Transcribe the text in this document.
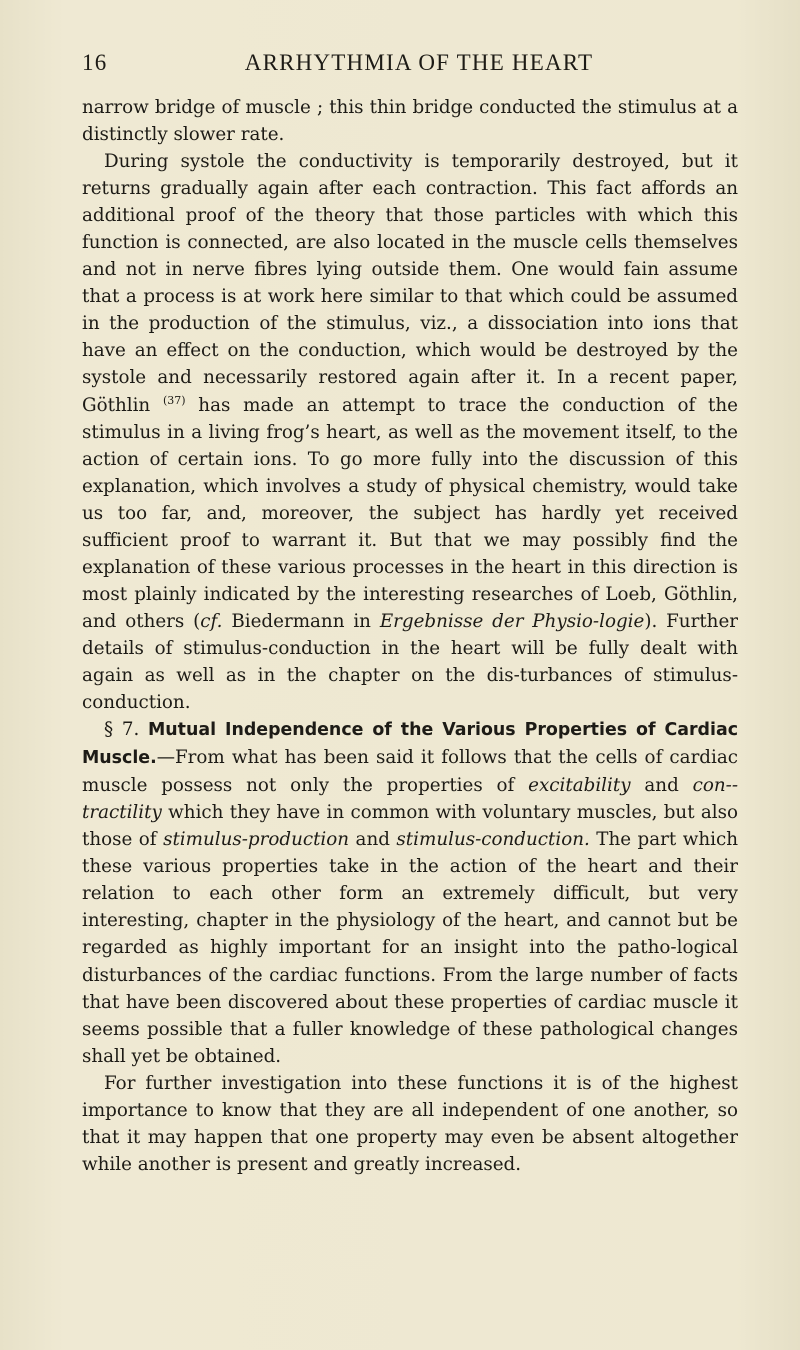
16	ARRHYTHMIA OF THE HEART

narrow bridge of muscle ; this thin bridge conducted the stimulus at a distinctly slower rate.

During systole the conductivity is temporarily destroyed, but it returns gradually again after each contraction. This fact affords an additional proof of the theory that those particles with which this function is connected, are also located in the muscle cells themselves and not in nerve fibres lying outside them. One would fain assume that a process is at work here similar to that which could be assumed in the production of the stimulus, viz., a dissociation into ions that have an effect on the conduction, which would be destroyed by the systole and necessarily restored again after it. In a recent paper, Göthlin $^{(37)}$ has made an attempt to trace the conduction of the stimulus in a living frog’s heart, as well as the movement itself, to the action of certain ions. To go more fully into the discussion of this explanation, which involves a study of physical chemistry, would take us too far, and, moreover, the subject has hardly yet received sufficient proof to warrant it. But that we may possibly find the explanation of these various processes in the heart in this direction is most plainly indicated by the interesting researches of Loeb, Göthlin, and others (cf. Biedermann in Ergebnisse der Physio-logie). Further details of stimulus-conduction in the heart will be fully dealt with again as well as in the chapter on the dis-turbances of stimulus-conduction.

§ 7. Mutual Independence of the Various Properties of Cardiac Muscle.—From what has been said it follows that the cells of cardiac muscle possess not only the properties of excitability and con-tractility which they have in common with voluntary muscles, but also those of stimulus-production and stimulus-conduction. The part which these various properties take in the action of the heart and their relation to each other form an extremely difficult, but very interesting, chapter in the physiology of the heart, and cannot but be regarded as highly important for an insight into the patho-logical disturbances of the cardiac functions. From the large number of facts that have been discovered about these properties of cardiac muscle it seems possible that a fuller knowledge of these pathological changes shall yet be obtained.

For further investigation into these functions it is of the highest importance to know that they are all independent of one another, so that it may happen that one property may even be absent altogether while another is present and greatly increased.
